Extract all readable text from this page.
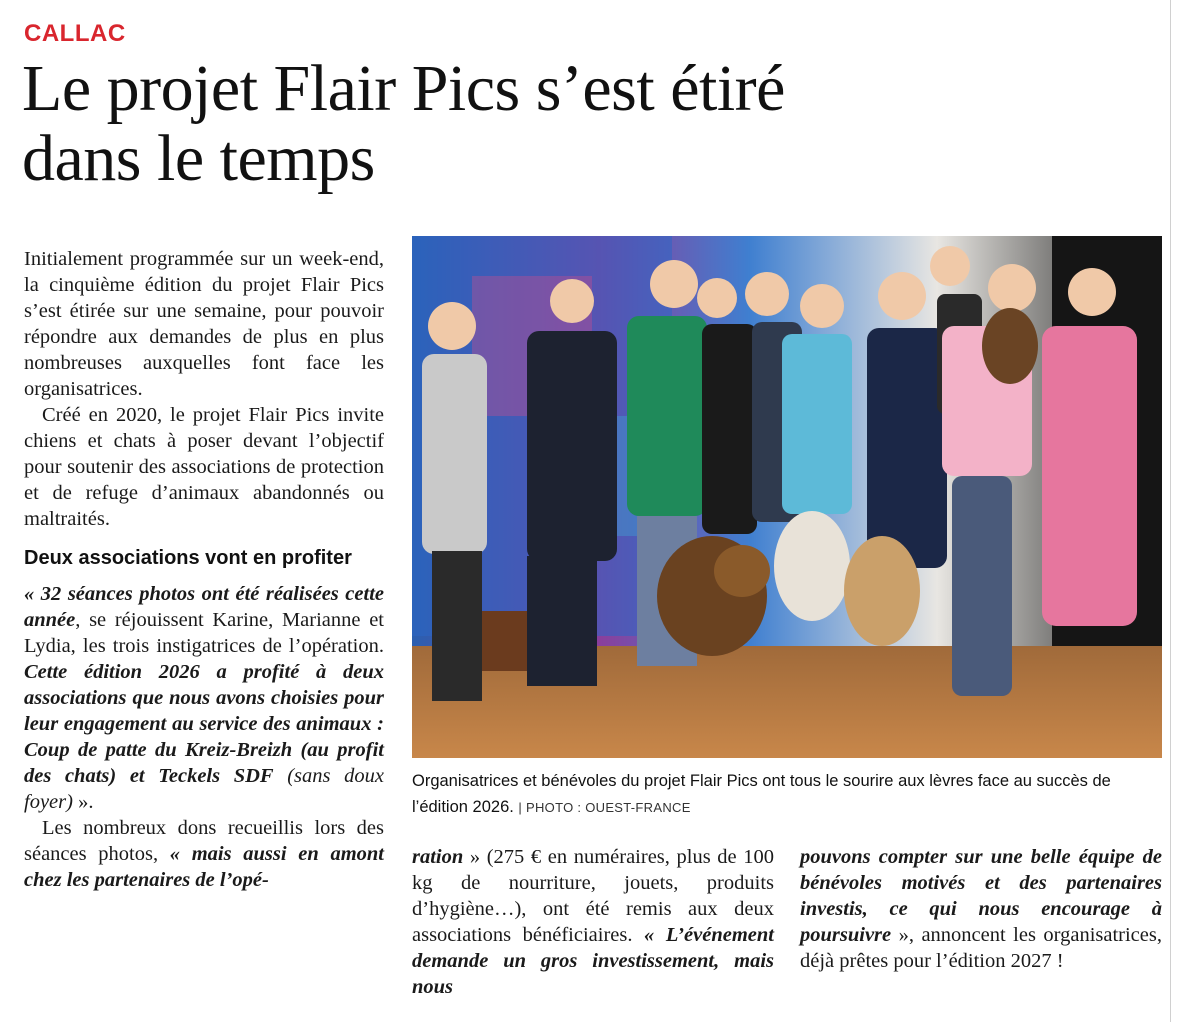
CALLAC
Le projet Flair Pics s’est étiré
dans le temps

Initialement programmée sur un week-end, la cinquième édition du projet Flair Pics s’est étirée sur une semaine, pour pouvoir répondre aux demandes de plus en plus nombreuses auxquelles font face les organisatrices.

Créé en 2020, le projet Flair Pics invite chiens et chats à poser devant l’objectif pour soutenir des associations de protection et de refuge d’animaux abandonnés ou maltraités.

Deux associations vont en profiter

« 32 séances photos ont été réalisées cette année, se réjouissent Karine, Marianne et Lydia, les trois instigatrices de l’opération. Cette édition 2026 a profité à deux associations que nous avons choisies pour leur engagement au service des animaux : Coup de patte du Kreiz-Breizh (au profit des chats) et Teckels SDF (sans doux foyer) ».

Les nombreux dons recueillis lors des séances photos, « mais aussi en amont chez les partenaires de l’opé-

Organisatrices et bénévoles du projet Flair Pics ont tous le sourire aux lèvres face au succès de l’édition 2026. | PHOTO : OUEST-FRANCE

ration » (275 € en numéraires, plus de 100 kg de nourriture, jouets, produits d’hygiène…), ont été remis aux deux associations bénéficiaires. « L’événement demande un gros investissement, mais nous

pouvons compter sur une belle équipe de bénévoles motivés et des partenaires investis, ce qui nous encourage à poursuivre », annoncent les organisatrices, déjà prêtes pour l’édition 2027 !
